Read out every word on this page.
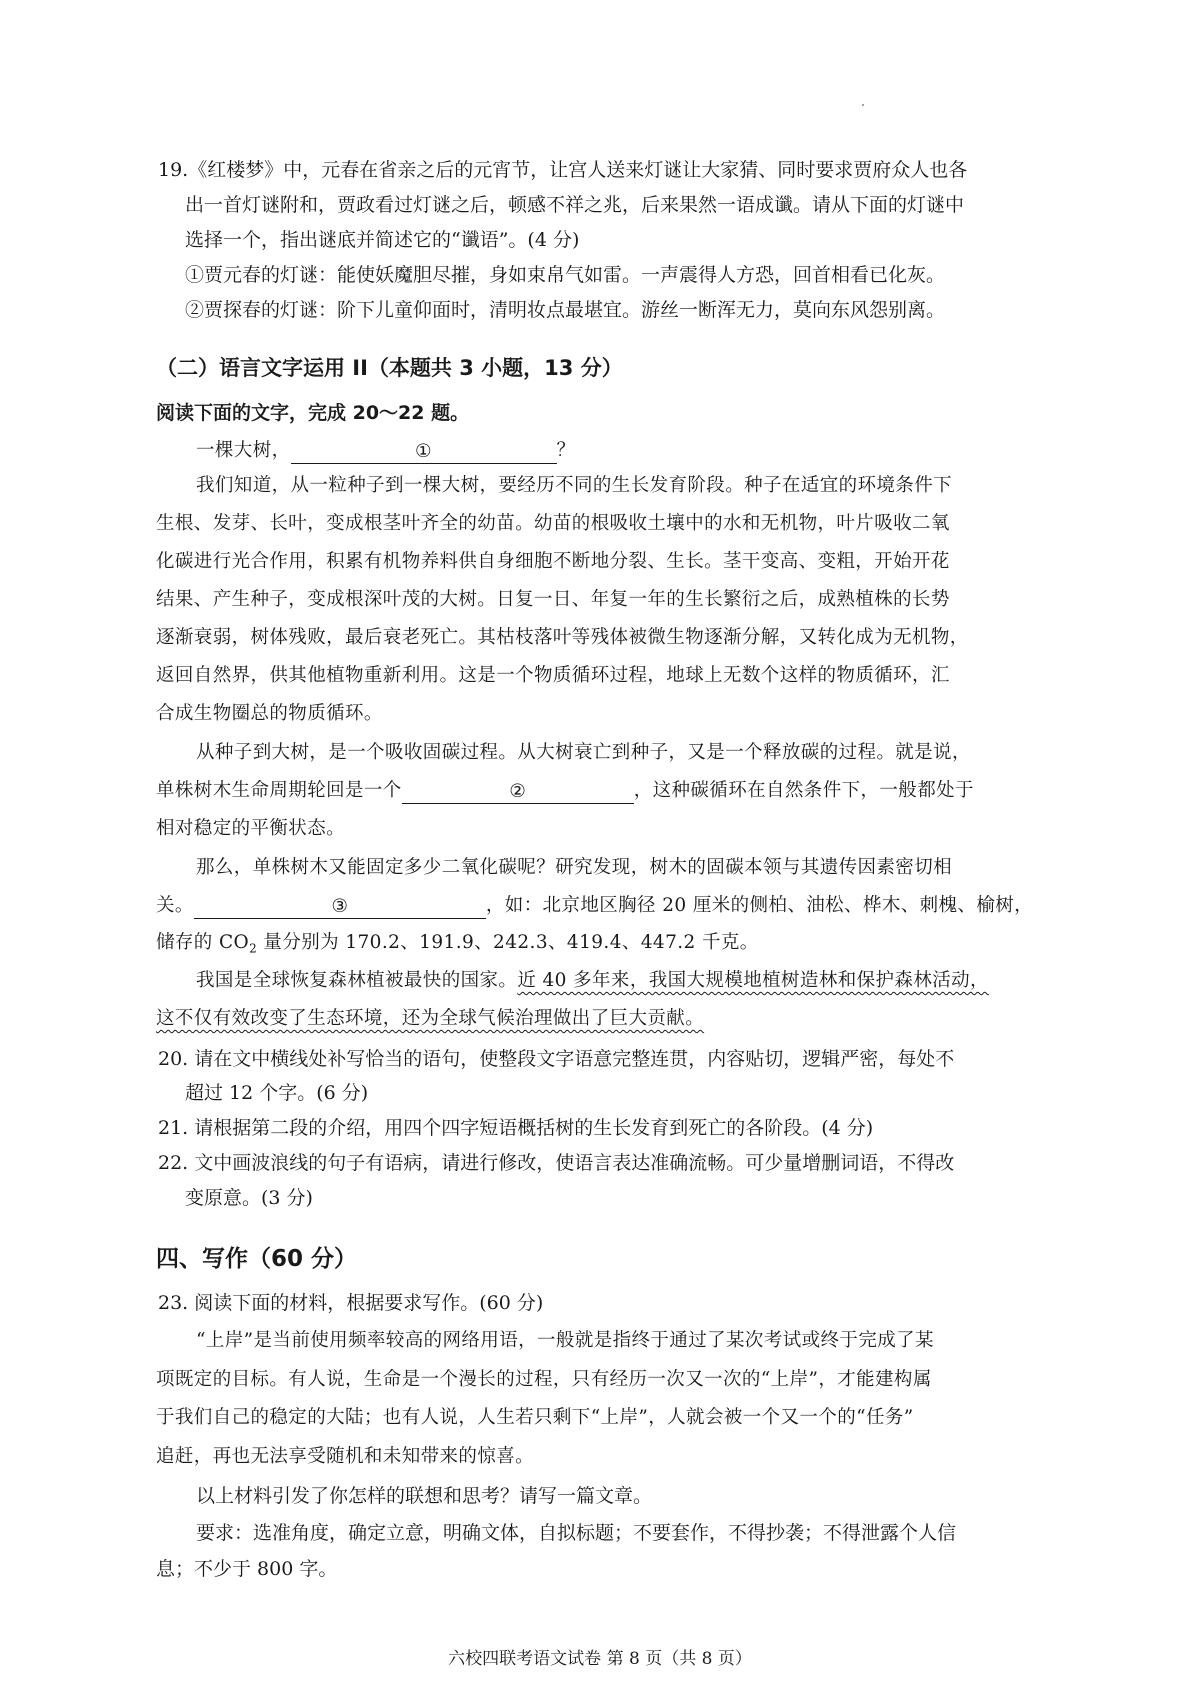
19.《红楼梦》中，元春在省亲之后的元宵节，让宫人送来灯谜让大家猜、同时要求贾府众人也各
出一首灯谜附和，贾政看过灯谜之后，顿感不祥之兆，后来果然一语成谶。请从下面的灯谜中
选择一个，指出谜底并简述它的“谶语”。(4 分)
①贾元春的灯谜：能使妖魔胆尽摧，身如束帛气如雷。一声震得人方恐，回首相看已化灰。
②贾探春的灯谜：阶下儿童仰面时，清明妆点最堪宜。游丝一断浑无力，莫向东风怨别离。
（二）语言文字运用 II（本题共 3 小题，13 分）
阅读下面的文字，完成 20～22 题。
一棵大树，	①	？
我们知道，从一粒种子到一棵大树，要经历不同的生长发育阶段。种子在适宜的环境条件下
生根、发芽、长叶，变成根茎叶齐全的幼苗。幼苗的根吸收土壤中的水和无机物，叶片吸收二氧
化碳进行光合作用，积累有机物养料供自身细胞不断地分裂、生长。茎干变高、变粗，开始开花
结果、产生种子，变成根深叶茂的大树。日复一日、年复一年的生长繁衍之后，成熟植株的长势
逐渐衰弱，树体残败，最后衰老死亡。其枯枝落叶等残体被微生物逐渐分解，又转化成为无机物，
返回自然界，供其他植物重新利用。这是一个物质循环过程，地球上无数个这样的物质循环，汇
合成生物圈总的物质循环。
从种子到大树，是一个吸收固碳过程。从大树衰亡到种子，又是一个释放碳的过程。就是说，
单株树木生命周期轮回是一个	②	，这种碳循环在自然条件下，一般都处于
相对稳定的平衡状态。
那么，单株树木又能固定多少二氧化碳呢？研究发现，树木的固碳本领与其遗传因素密切相
关。	③	，如：北京地区胸径 20 厘米的侧柏、油松、桦木、刺槐、榆树，
储存的 $CO_2$ 量分别为 170.2、191.9、242.3、419.4、447.2 千克。
我国是全球恢复森林植被最快的国家。近 40 多年来，我国大规模地植树造林和保护森林活动，
这不仅有效改变了生态环境，还为全球气候治理做出了巨大贡献。
20. 请在文中横线处补写恰当的语句，使整段文字语意完整连贯，内容贴切，逻辑严密，每处不
超过 12 个字。(6 分)
21. 请根据第二段的介绍，用四个四字短语概括树的生长发育到死亡的各阶段。(4 分)
22. 文中画波浪线的句子有语病，请进行修改，使语言表达准确流畅。可少量增删词语，不得改
变原意。(3 分)
四、写作（60 分）
23. 阅读下面的材料，根据要求写作。(60 分)
“上岸”是当前使用频率较高的网络用语，一般就是指终于通过了某次考试或终于完成了某
项既定的目标。有人说，生命是一个漫长的过程，只有经历一次又一次的“上岸”，才能建构属
于我们自己的稳定的大陆；也有人说，人生若只剩下“上岸”，人就会被一个又一个的“任务”
追赶，再也无法享受随机和未知带来的惊喜。
以上材料引发了你怎样的联想和思考？请写一篇文章。
要求：选准角度，确定立意，明确文体，自拟标题；不要套作，不得抄袭；不得泄露个人信
息；不少于 800 字。
六校四联考语文试卷 第 8 页（共 8 页）
